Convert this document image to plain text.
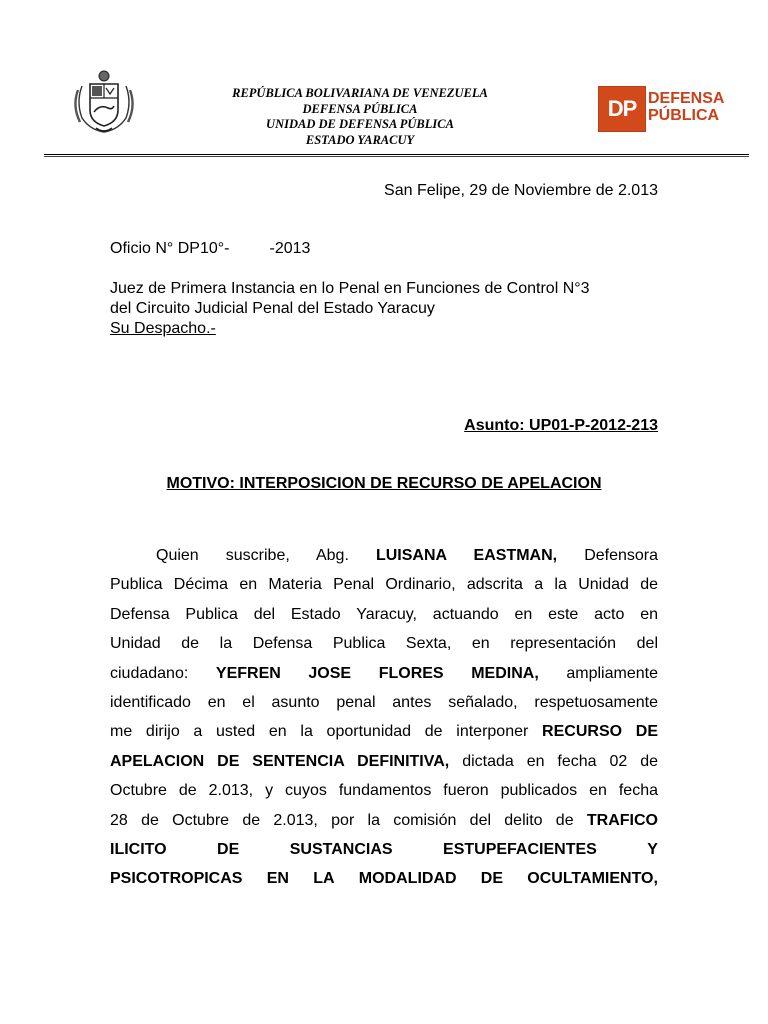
REPÚBLICA BOLIVARIANA DE VENEZUELA
DEFENSA PÚBLICA
UNIDAD DE DEFENSA PÚBLICA
ESTADO YARACUY
DP DEFENSA
PÚBLICA
San Felipe, 29 de Noviembre de 2.013
Oficio N° DP10°-         -2013
Juez de Primera Instancia en lo Penal en Funciones de Control N°3
del Circuito Judicial Penal del Estado Yaracuy
Su Despacho.-
Asunto: UP01-P-2012-213
MOTIVO: INTERPOSICION DE RECURSO DE APELACION
Quien suscribe, Abg. LUISANA EASTMAN, Defensora
Publica Décima en Materia Penal Ordinario, adscrita a la Unidad de
Defensa Publica del Estado Yaracuy, actuando en este acto en
Unidad de la Defensa Publica Sexta, en representación del
ciudadano: YEFREN JOSE FLORES MEDINA, ampliamente
identificado en el asunto penal antes señalado, respetuosamente
me dirijo a usted en la oportunidad de interponer RECURSO DE
APELACION DE SENTENCIA DEFINITIVA, dictada en fecha 02 de
Octubre de 2.013, y cuyos fundamentos fueron publicados en fecha
28 de Octubre de 2.013, por la comisión del delito de TRAFICO
ILICITO	DE	SUSTANCIAS	ESTUPEFACIENTES	Y
PSICOTROPICAS EN LA MODALIDAD DE OCULTAMIENTO,
